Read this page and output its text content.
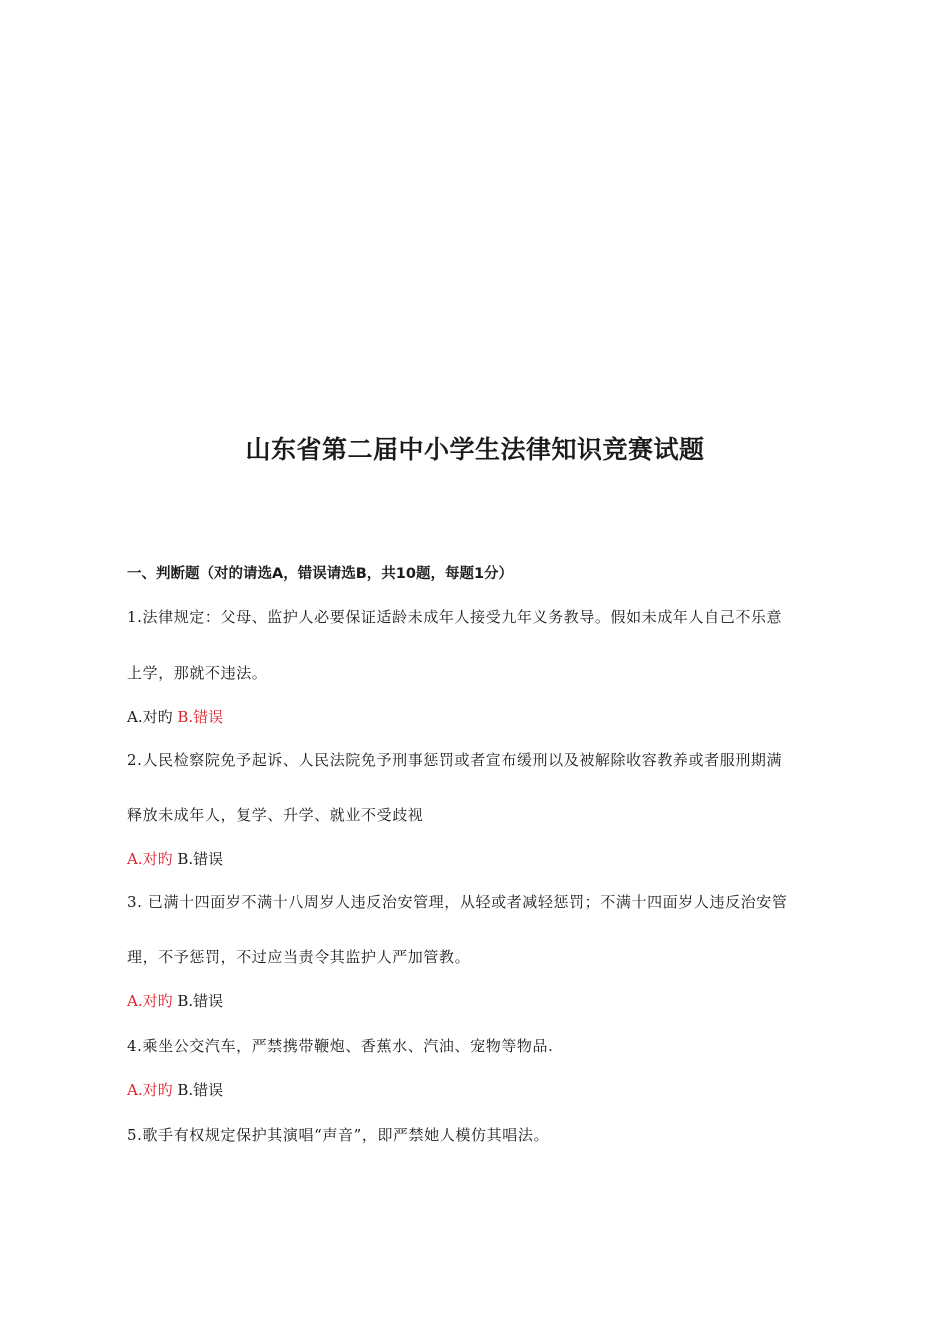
山东省第二届中小学生法律知识竞赛试题
一、判断题（对的请选A，错误请选B，共10题，每题1分）
1.法律规定：父母、监护人必要保证适龄未成年人接受九年义务教导。假如未成年人自己不乐意
上学，那就不违法。
A.对旳 B.错误
2.人民检察院免予起诉、人民法院免予刑事惩罚或者宣布缓刑以及被解除收容教养或者服刑期满
释放未成年人，复学、升学、就业不受歧视
A.对旳 B.错误
3. 已满十四面岁不满十八周岁人违反治安管理，从轻或者减轻惩罚；不满十四面岁人违反治安管
理，不予惩罚，不过应当责令其监护人严加管教。
A.对旳 B.错误
4.乘坐公交汽车，严禁携带鞭炮、香蕉水、汽油、宠物等物品.
A.对旳 B.错误
5.歌手有权规定保护其演唱“声音”，即严禁她人模仿其唱法。
